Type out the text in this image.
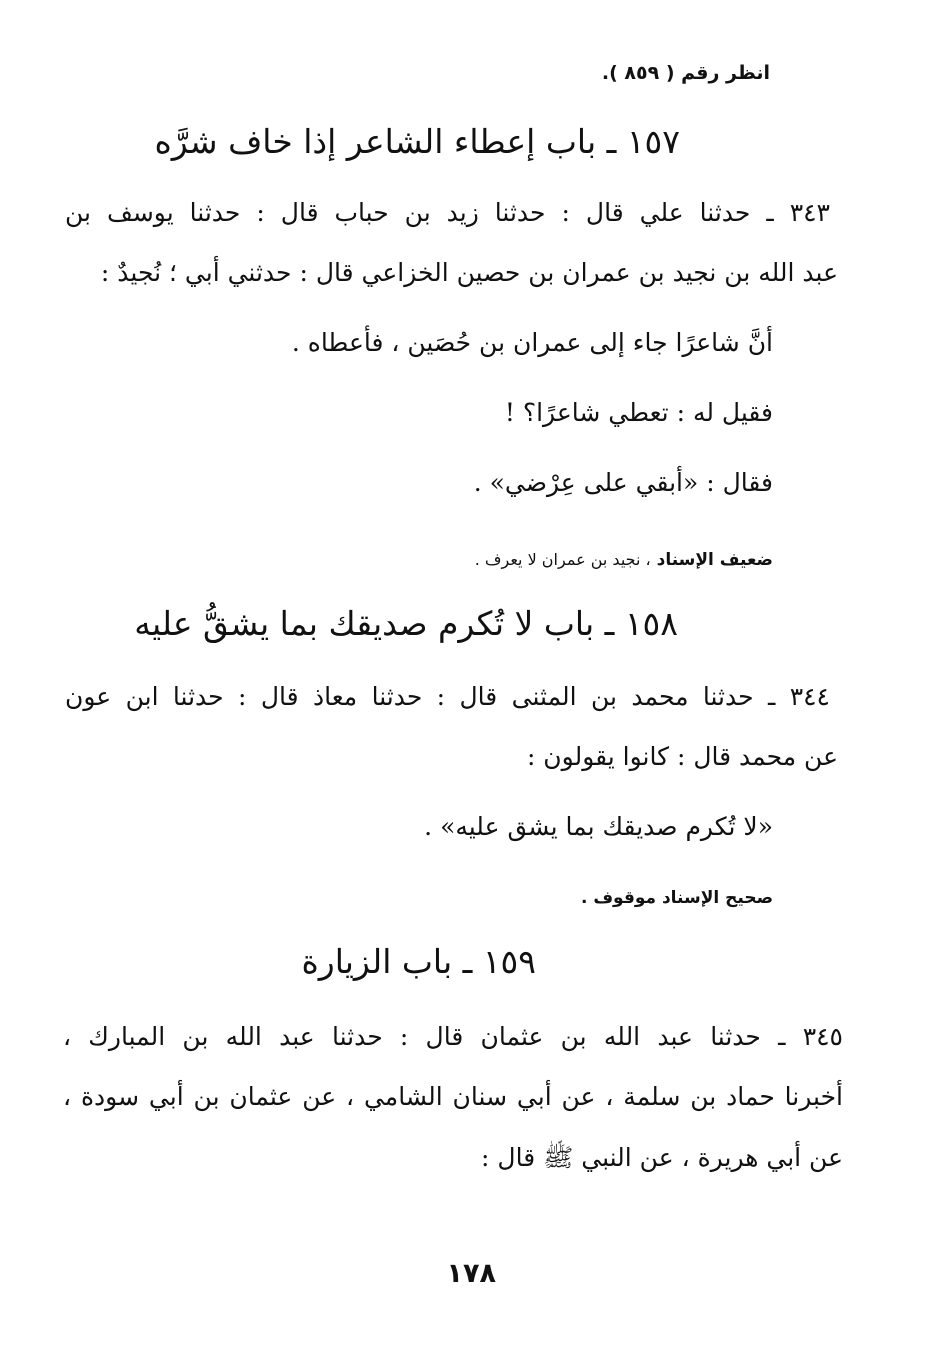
انظر رقم ( ٨٥٩ ).
١٥٧ ـ باب إعطاء الشاعر إذا خاف شرَّه
٣٤٣ ـ حدثنا علي قال : حدثنا زيد بن حباب قال : حدثنا يوسف بن
عبد الله بن نجيد بن عمران بن حصين الخزاعي قال : حدثني أبي ؛ نُجيدٌ :
أنَّ شاعرًا جاء إلى عمران بن حُصَين ، فأعطاه .
فقيل له : تعطي شاعرًا؟ !
فقال : «أبقي على عِرْضي» .
ضعيف الإسناد ، نجيد بن عمران لا يعرف .
١٥٨ ـ باب لا تُكرم صديقك بما يشقُّ عليه
٣٤٤ ـ حدثنا محمد بن المثنى قال : حدثنا معاذ قال : حدثنا ابن عون
عن محمد قال : كانوا يقولون :
«لا تُكرم صديقك بما يشق عليه» .
صحيح الإسناد موقوف .
١٥٩ ـ باب الزيارة
٣٤٥ ـ حدثنا عبد الله بن عثمان قال : حدثنا عبد الله بن المبارك ،
أخبرنا حماد بن سلمة ، عن أبي سنان الشامي ، عن عثمان بن أبي سودة ،
عن أبي هريرة ، عن النبي ﷺ قال :
١٧٨
